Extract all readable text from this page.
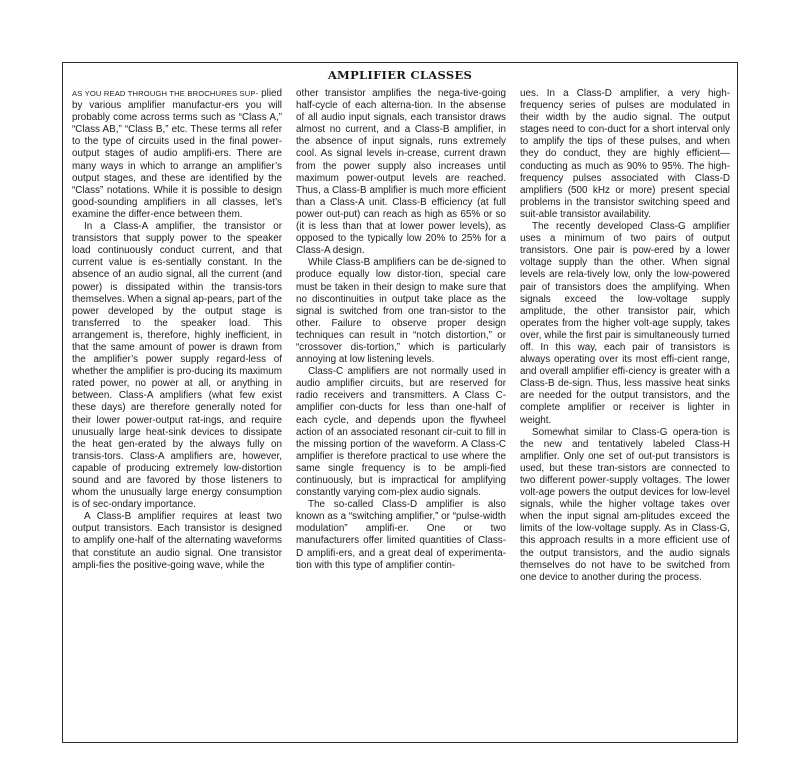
AMPLIFIER CLASSES

AS YOU READ THROUGH THE BROCHURES SUP- plied by various amplifier manufactur-ers you will probably come across terms such as “Class A,” “Class AB,” “Class B,” etc. These terms all refer to the type of circuits used in the final power-output stages of audio amplifi-ers. There are many ways in which to arrange an amplifier’s output stages, and these are identified by the “Class” notations. While it is possible to design good-sounding amplifiers in all classes, let’s examine the differ-ence between them.

In a Class-A amplifier, the transistor or transistors that supply power to the speaker load continuously conduct current, and that current value is es-sentially constant. In the absence of an audio signal, all the current (and power) is dissipated within the transis-tors themselves. When a signal ap-pears, part of the power developed by the output stage is transferred to the speaker load. This arrangement is, therefore, highly inefficient, in that the same amount of power is drawn from the amplifier’s power supply regard-less of whether the amplifier is pro-ducing its maximum rated power, no power at all, or anything in between. Class-A amplifiers (what few exist these days) are therefore generally noted for their lower power-output rat-ings, and require unusually large heat-sink devices to dissipate the heat gen-erated by the always fully on transis-tors. Class-A amplifiers are, however, capable of producing extremely low-distortion sound and are favored by those listeners to whom the unusually large energy consumption is of sec-ondary importance.

A Class-B amplifier requires at least two output transistors. Each transistor is designed to amplify one-half of the alternating waveforms that constitute an audio signal. One transistor ampli-fies the positive-going wave, while the

other transistor amplifies the nega-tive-going half-cycle of each alterna-tion. In the absense of all audio input signals, each transistor draws almost no current, and a Class-B amplifier, in the absence of input signals, runs extremely cool. As signal levels in-crease, current drawn from the power supply also increases until maximum power-output levels are reached. Thus, a Class-B amplifier is much more efficient than a Class-A unit. Class-B efficiency (at full power out-put) can reach as high as 65% or so (it is less than that at lower power levels), as opposed to the typically low 20% to 25% for a Class-A design.

While Class-B amplifiers can be de-signed to produce equally low distor-tion, special care must be taken in their design to make sure that no discontinuities in output take place as the signal is switched from one tran-sistor to the other. Failure to observe proper design techniques can result in “notch distortion,” or “crossover dis-tortion,” which is particularly annoying at low listening levels.

Class-C amplifiers are not normally used in audio amplifier circuits, but are reserved for radio receivers and transmitters. A Class C-amplifier con-ducts for less than one-half of each cycle, and depends upon the flywheel action of an associated resonant cir-cuit to fill in the missing portion of the waveform. A Class-C amplifier is therefore practical to use where the same single frequency is to be ampli-fied continuously, but is impractical for amplifying constantly varying com-plex audio signals.

The so-called Class-D amplifier is also known as a “switching amplifier,” or “pulse-width modulation” amplifi-er. One or two manufacturers offer limited quantities of Class-D amplifi-ers, and a great deal of experimenta-tion with this type of amplifier contin-

ues. In a Class-D amplifier, a very high-frequency series of pulses are modulated in their width by the audio signal. The output stages need to con-duct for a short interval only to amplify the tips of these pulses, and when they do conduct, they are highly efficient—conducting as much as 90% to 95%. The high-frequency pulses associated with Class-D amplifiers (500 kHz or more) present special problems in the transistor switching speed and suit-able transistor availability.

The recently developed Class-G amplifier uses a minimum of two pairs of output transistors. One pair is pow-ered by a lower voltage supply than the other. When signal levels are rela-tively low, only the low-powered pair of transistors does the amplifying. When signals exceed the low-voltage supply amplitude, the other transistor pair, which operates from the higher volt-age supply, takes over, while the first pair is simultaneously turned off. In this way, each pair of transistors is always operating over its most effi-cient range, and overall amplifier effi-ciency is greater with a Class-B de-sign. Thus, less massive heat sinks are needed for the output transistors, and the complete amplifier or receiver is lighter in weight.

Somewhat similar to Class-G opera-tion is the new and tentatively labeled Class-H amplifier. Only one set of out-put transistors is used, but these tran-sistors are connected to two different power-supply voltages. The lower volt-age powers the output devices for low-level signals, while the higher voltage takes over when the input signal am-plitudes exceed the limits of the low-voltage supply. As in Class-G, this approach results in a more efficient use of the output transistors, and the audio signals themselves do not have to be switched from one device to another during the process.
